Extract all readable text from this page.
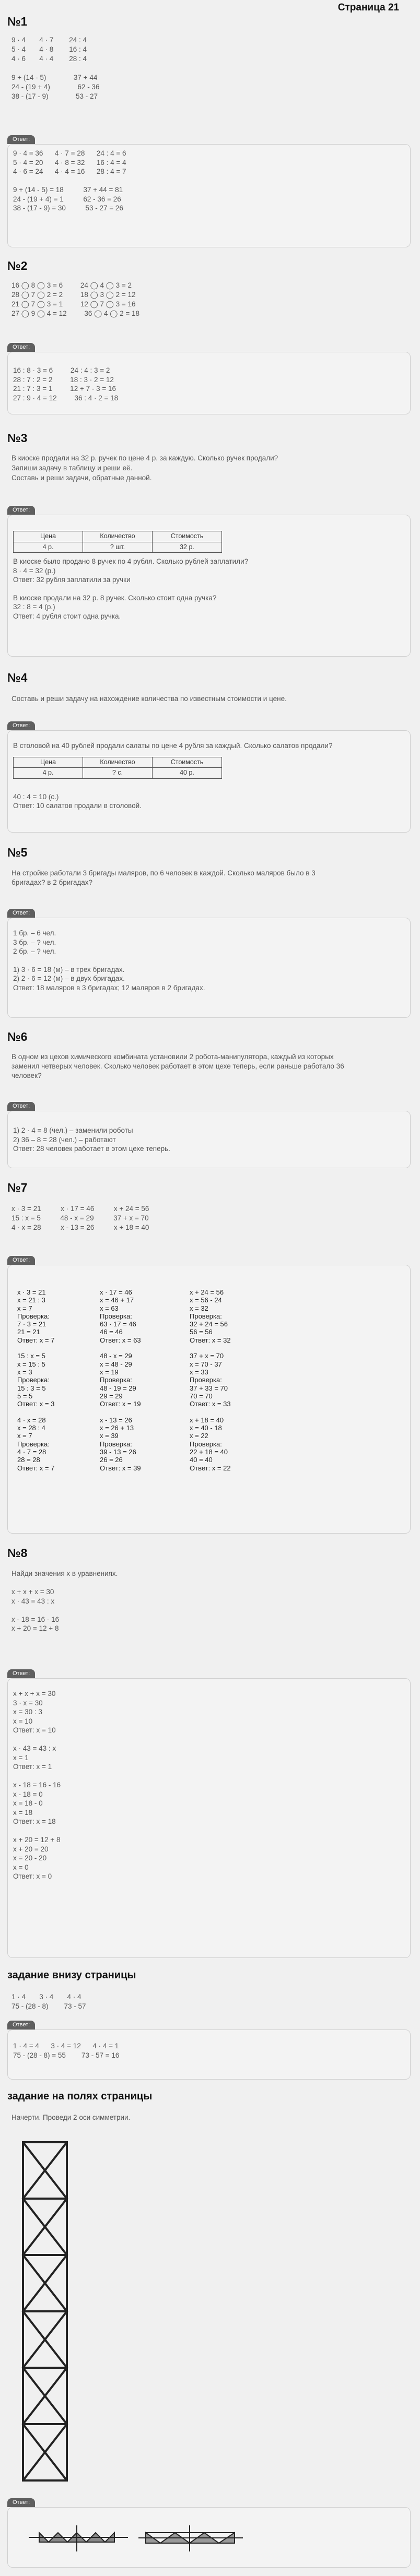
Страница 21
№1
9 · 4       4 · 7        24 : 4
5 · 4       4 · 8        16 : 4
4 · 6       4 · 4        28 : 4

9 + (14 - 5)              37 + 44
24 - (19 + 4)              62 - 36
38 - (17 - 9)              53 - 27
Ответ:
9 · 4 = 36      4 · 7 = 28      24 : 4 = 6
5 · 4 = 20      4 · 8 = 32      16 : 4 = 4
4 · 6 = 24      4 · 4 = 16      28 : 4 = 7

9 + (14 - 5) = 18          37 + 44 = 81
24 - (19 + 4) = 1          62 - 36 = 26
38 - (17 - 9) = 30          53 - 27 = 26
№2
16 ◯ 8 ◯ 3 = 6         24 ◯ 4 ◯ 3 = 2
28 ◯ 7 ◯ 2 = 2         18 ◯ 3 ◯ 2 = 12
21 ◯ 7 ◯ 3 = 1         12 ◯ 7 ◯ 3 = 16
27 ◯ 9 ◯ 4 = 12         36 ◯ 4 ◯ 2 = 18
Ответ:
16 : 8 · 3 = 6         24 : 4 : 3 = 2
28 : 7 : 2 = 2         18 : 3 · 2 = 12
21 : 7 : 3 = 1         12 + 7 - 3 = 16
27 : 9 · 4 = 12         36 : 4 · 2 = 18
№3

В киоске продали на 32 р. ручек по цене 4 р. за каждую. Сколько ручек продали?

Запиши задачу в таблицу и реши её.

Составь и реши задачи, обратные данной.

Ответ:
Цена	Количество	Стоимость
4 р.	? шт.	32 р.
В киоске было продано 8 ручек по 4 рубля. Сколько рублей заплатили?
8 · 4 = 32 (р.)
Ответ: 32 рубля заплатили за ручки
В киоске продали на 32 р. 8 ручек. Сколько стоит одна ручка?
32 : 8 = 4 (р.)
Ответ: 4 рубля стоит одна ручка.
№4
Составь и реши задачу на нахождение количества по известным стоимости и цене.
Ответ:
В столовой на 40 рублей продали салаты по цене 4 рубля за каждый. Сколько салатов продали?
Цена	Количество	Стоимость
4 р.	? с.	40 р.
40 : 4 = 10 (с.)
Ответ: 10 салатов продали в столовой.
№5

На стройке работали 3 бригады маляров, по 6 человек в каждой. Сколько маляров было в 3

бригадах? в 2 бригадах?

Ответ:
1 бр. – 6 чел.
3 бр. – ? чел.
2 бр. – ? чел.
1) 3 · 6 = 18 (м) – в трех бригадах.
2) 2 · 6 = 12 (м) – в двух бригадах.
Ответ: 18 маляров в 3 бригадах; 12 маляров в 2 бригадах.
№6

В одном из цехов химического комбината установили 2 робота-манипулятора, каждый из которых

заменил четверых человек. Сколько человек работает в этом цехе теперь, если раньше работало 36

человек?

Ответ:
1) 2 · 4 = 8 (чел.) – заменили роботы
2) 36 – 8 = 28 (чел.) – работают
Ответ: 28 человек работает в этом цехе теперь.
№7
x · 3 = 21          x · 17 = 46          x + 24 = 56
15 : x = 5          48 - x = 29          37 + x = 70
4 · x = 28          x - 13 = 26          x + 18 = 40
Ответ:
x · 3 = 21
x = 21 : 3
x = 7
Проверка:
7 · 3 = 21
21 = 21
Ответ: x = 7

15 : x = 5
x = 15 : 5
x = 3
Проверка:
15 : 3 = 5
5 = 5
Ответ: x = 3

4 · x = 28
x = 28 : 4
x = 7
Проверка:
4 · 7 = 28
28 = 28
Ответ: x = 7
x · 17 = 46
x = 46 + 17
x = 63
Проверка:
63 · 17 = 46
46 = 46
Ответ: x = 63

48 - x = 29
x = 48 - 29
x = 19
Проверка:
48 - 19 = 29
29 = 29
Ответ: x = 19

x - 13 = 26
x = 26 + 13
x = 39
Проверка:
39 - 13 = 26
26 = 26
Ответ: x = 39
x + 24 = 56
x = 56 - 24
x = 32
Проверка:
32 + 24 = 56
56 = 56
Ответ: x = 32

37 + x = 70
x = 70 - 37
x = 33
Проверка:
37 + 33 = 70
70 = 70
Ответ: x = 33

x + 18 = 40
x = 40 - 18
x = 22
Проверка:
22 + 18 = 40
40 = 40
Ответ: x = 22
№8
Найди значения x в уравнениях.

x + x + x = 30
x · 43 = 43 : x

x - 18 = 16 - 16
x + 20 = 12 + 8
Ответ:
x + x + x = 30
3 · x = 30
x = 30 : 3
x = 10
Ответ: x = 10

x · 43 = 43 : x
x = 1
Ответ: x = 1

x - 18 = 16 - 16
x - 18 = 0
x = 18 - 0
x = 18
Ответ: x = 18

x + 20 = 12 + 8
x + 20 = 20
x = 20 - 20
x = 0
Ответ: x = 0
задание внизу страницы
1 · 4       3 · 4       4 · 4
75 - (28 - 8)        73 - 57
Ответ:
1 · 4 = 4      3 · 4 = 12      4 · 4 = 1
75 - (28 - 8) = 55        73 - 57 = 16
задание на полях страницы
Начерти. Проведи 2 оси симметрии.
Ответ:
